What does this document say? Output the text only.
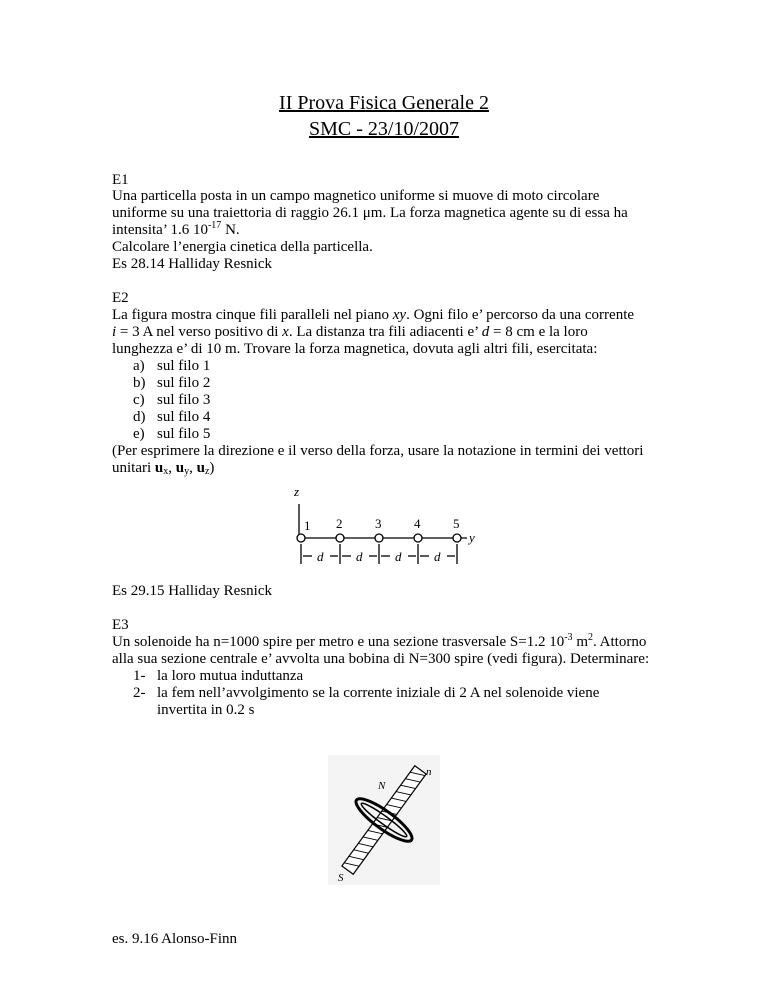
II Prova Fisica Generale 2
SMC - 23/10/2007
E1
Una particella posta in un campo magnetico uniforme si muove di moto circolare
uniforme su una traiettoria di raggio 26.1 μm. La forza magnetica agente su di essa ha
intensita’ 1.6 $10^{-17}$ N.
Calcolare l’energia cinetica della particella.
Es 28.14 Halliday Resnick
E2
La figura mostra cinque fili paralleli nel piano xy. Ogni filo e’ percorso da una corrente
i = 3 A nel verso positivo di x. La distanza tra fili adiacenti e’ d = 8 cm e la loro
lunghezza e’ di 10 m. Trovare la forza magnetica, dovuta agli altri fili, esercitata:
a) sul filo 1
b) sul filo 2
c) sul filo 3
d) sul filo 4
e) sul filo 5
(Per esprimere la direzione e il verso della forza, usare la notazione in termini dei vettori
unitari $u_x$, $u_y$, $u_z$)
z
y
1 2	3	4	5
d	d	d	d
Es 29.15 Halliday Resnick
E3
Un solenoide ha n=1000 spire per metro e una sezione trasversale S=1.2 $10^{-3}$ $m^2$. Attorno
alla sua sezione centrale e’ avvolta una bobina di N=300 spire (vedi figura). Determinare:
1- la loro mutua induttanza
2- la fem nell’avvolgimento se la corrente iniziale di 2 A nel solenoide viene
invertita in 0.2 s
n
N
S
es. 9.16 Alonso-Finn
